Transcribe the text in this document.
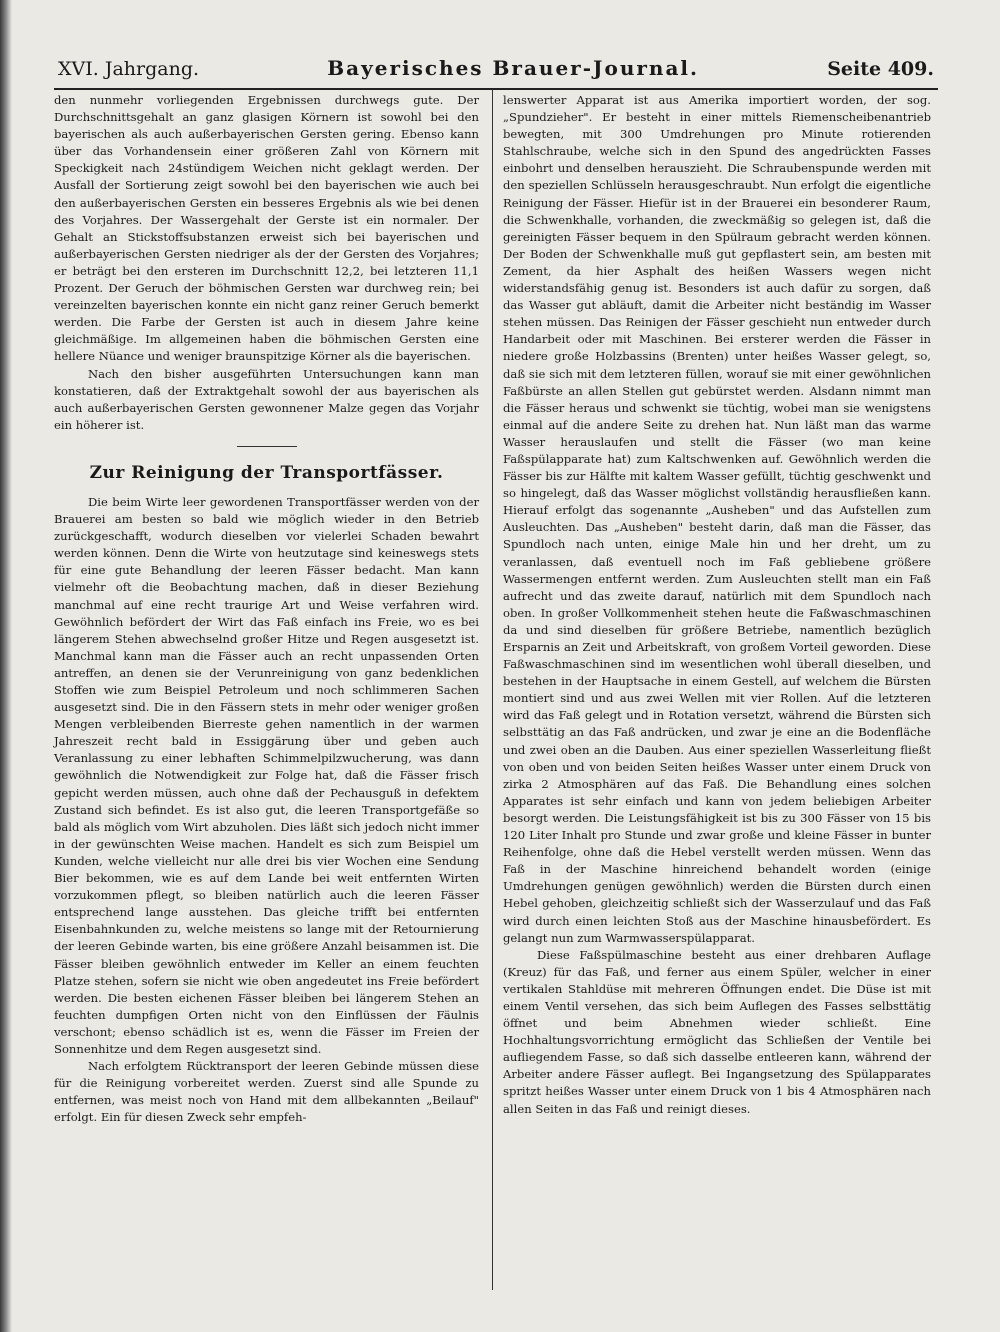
XVI. Jahrgang.	Bayerisches Brauer-Journal.	Seite 409.

den nunmehr vorliegenden Ergebnissen durchwegs gute. Der Durchschnittsgehalt an ganz glasigen Körnern ist sowohl bei den bayerischen als auch außerbayerischen Gersten gering. Ebenso kann über das Vorhandensein einer größeren Zahl von Körnern mit Speckigkeit nach 24stündigem Weichen nicht geklagt werden. Der Ausfall der Sortierung zeigt sowohl bei den bayerischen wie auch bei den außerbayerischen Gersten ein besseres Ergebnis als wie bei denen des Vorjahres. Der Wassergehalt der Gerste ist ein normaler. Der Gehalt an Stickstoffsubstanzen erweist sich bei bayerischen und außerbayerischen Gersten niedriger als der der Gersten des Vorjahres; er beträgt bei den ersteren im Durchschnitt 12,2, bei letzteren 11,1 Prozent. Der Geruch der böhmischen Gersten war durchweg rein; bei vereinzelten bayerischen konnte ein nicht ganz reiner Geruch bemerkt werden. Die Farbe der Gersten ist auch in diesem Jahre keine gleichmäßige. Im allgemeinen haben die böhmischen Gersten eine hellere Nüance und weniger braunspitzige Körner als die bayerischen.

Nach den bisher ausgeführten Untersuchungen kann man konstatieren, daß der Extraktgehalt sowohl der aus bayerischen als auch außerbayerischen Gersten gewonnener Malze gegen das Vorjahr ein höherer ist.

Zur Reinigung der Transportfässer.

Die beim Wirte leer gewordenen Transportfässer werden von der Brauerei am besten so bald wie möglich wieder in den Betrieb zurückgeschafft, wodurch dieselben vor vielerlei Schaden bewahrt werden können. Denn die Wirte von heutzutage sind keineswegs stets für eine gute Behandlung der leeren Fässer bedacht. Man kann vielmehr oft die Beobachtung machen, daß in dieser Beziehung manchmal auf eine recht traurige Art und Weise verfahren wird. Gewöhnlich befördert der Wirt das Faß einfach ins Freie, wo es bei längerem Stehen abwechselnd großer Hitze und Regen ausgesetzt ist. Manchmal kann man die Fässer auch an recht unpassenden Orten antreffen, an denen sie der Verunreinigung von ganz bedenklichen Stoffen wie zum Beispiel Petroleum und noch schlimmeren Sachen ausgesetzt sind. Die in den Fässern stets in mehr oder weniger großen Mengen verbleibenden Bierreste gehen namentlich in der warmen Jahreszeit recht bald in Essiggärung über und geben auch Veranlassung zu einer lebhaften Schimmelpilzwucherung, was dann gewöhnlich die Notwendigkeit zur Folge hat, daß die Fässer frisch gepicht werden müssen, auch ohne daß der Pechausguß in defektem Zustand sich befindet. Es ist also gut, die leeren Transportgefäße so bald als möglich vom Wirt abzuholen. Dies läßt sich jedoch nicht immer in der gewünschten Weise machen. Handelt es sich zum Beispiel um Kunden, welche vielleicht nur alle drei bis vier Wochen eine Sendung Bier bekommen, wie es auf dem Lande bei weit entfernten Wirten vorzukommen pflegt, so bleiben natürlich auch die leeren Fässer entsprechend lange ausstehen. Das gleiche trifft bei entfernten Eisenbahnkunden zu, welche meistens so lange mit der Retournierung der leeren Gebinde warten, bis eine größere Anzahl beisammen ist. Die Fässer bleiben gewöhnlich entweder im Keller an einem feuchten Platze stehen, sofern sie nicht wie oben angedeutet ins Freie befördert werden. Die besten eichenen Fässer bleiben bei längerem Stehen an feuchten dumpfigen Orten nicht von den Einflüssen der Fäulnis verschont; ebenso schädlich ist es, wenn die Fässer im Freien der Sonnenhitze und dem Regen ausgesetzt sind.

Nach erfolgtem Rücktransport der leeren Gebinde müssen diese für die Reinigung vorbereitet werden. Zuerst sind alle Spunde zu entfernen, was meist noch von Hand mit dem allbekannten „Beilauf" erfolgt. Ein für diesen Zweck sehr empfeh-

lenswerter Apparat ist aus Amerika importiert worden, der sog. „Spundzieher". Er besteht in einer mittels Riemenscheibenantrieb bewegten, mit 300 Umdrehungen pro Minute rotierenden Stahlschraube, welche sich in den Spund des angedrückten Fasses einbohrt und denselben herauszieht. Die Schraubenspunde werden mit den speziellen Schlüsseln herausgeschraubt. Nun erfolgt die eigentliche Reinigung der Fässer. Hiefür ist in der Brauerei ein besonderer Raum, die Schwenkhalle, vorhanden, die zweckmäßig so gelegen ist, daß die gereinigten Fässer bequem in den Spülraum gebracht werden können. Der Boden der Schwenkhalle muß gut gepflastert sein, am besten mit Zement, da hier Asphalt des heißen Wassers wegen nicht widerstandsfähig genug ist. Besonders ist auch dafür zu sorgen, daß das Wasser gut abläuft, damit die Arbeiter nicht beständig im Wasser stehen müssen. Das Reinigen der Fässer geschieht nun entweder durch Handarbeit oder mit Maschinen. Bei ersterer werden die Fässer in niedere große Holzbassins (Brenten) unter heißes Wasser gelegt, so, daß sie sich mit dem letzteren füllen, worauf sie mit einer gewöhnlichen Faßbürste an allen Stellen gut gebürstet werden. Alsdann nimmt man die Fässer heraus und schwenkt sie tüchtig, wobei man sie wenigstens einmal auf die andere Seite zu drehen hat. Nun läßt man das warme Wasser herauslaufen und stellt die Fässer (wo man keine Faßspülapparate hat) zum Kaltschwenken auf. Gewöhnlich werden die Fässer bis zur Hälfte mit kaltem Wasser gefüllt, tüchtig geschwenkt und so hingelegt, daß das Wasser möglichst vollständig herausfließen kann. Hierauf erfolgt das sogenannte „Ausheben" und das Aufstellen zum Ausleuchten. Das „Ausheben" besteht darin, daß man die Fässer, das Spundloch nach unten, einige Male hin und her dreht, um zu veranlassen, daß eventuell noch im Faß gebliebene größere Wassermengen entfernt werden. Zum Ausleuchten stellt man ein Faß aufrecht und das zweite darauf, natürlich mit dem Spundloch nach oben. In großer Vollkommenheit stehen heute die Faßwaschmaschinen da und sind dieselben für größere Betriebe, namentlich bezüglich Ersparnis an Zeit und Arbeitskraft, von großem Vorteil geworden. Diese Faßwaschmaschinen sind im wesentlichen wohl überall dieselben, und bestehen in der Hauptsache in einem Gestell, auf welchem die Bürsten montiert sind und aus zwei Wellen mit vier Rollen. Auf die letzteren wird das Faß gelegt und in Rotation versetzt, während die Bürsten sich selbsttätig an das Faß andrücken, und zwar je eine an die Bodenfläche und zwei oben an die Dauben. Aus einer speziellen Wasserleitung fließt von oben und von beiden Seiten heißes Wasser unter einem Druck von zirka 2 Atmosphären auf das Faß. Die Behandlung eines solchen Apparates ist sehr einfach und kann von jedem beliebigen Arbeiter besorgt werden. Die Leistungsfähigkeit ist bis zu 300 Fässer von 15 bis 120 Liter Inhalt pro Stunde und zwar große und kleine Fässer in bunter Reihenfolge, ohne daß die Hebel verstellt werden müssen. Wenn das Faß in der Maschine hinreichend behandelt worden (einige Umdrehungen genügen gewöhnlich) werden die Bürsten durch einen Hebel gehoben, gleichzeitig schließt sich der Wasserzulauf und das Faß wird durch einen leichten Stoß aus der Maschine hinausbefördert. Es gelangt nun zum Warmwasserspülapparat.

Diese Faßspülmaschine besteht aus einer drehbaren Auflage (Kreuz) für das Faß, und ferner aus einem Spüler, welcher in einer vertikalen Stahldüse mit mehreren Öffnungen endet. Die Düse ist mit einem Ventil versehen, das sich beim Auflegen des Fasses selbsttätig öffnet und beim Abnehmen wieder schließt. Eine Hochhaltungsvorrichtung ermöglicht das Schließen der Ventile bei aufliegendem Fasse, so daß sich dasselbe entleeren kann, während der Arbeiter andere Fässer auflegt. Bei Ingangsetzung des Spülapparates spritzt heißes Wasser unter einem Druck von 1 bis 4 Atmosphären nach allen Seiten in das Faß und reinigt dieses.
